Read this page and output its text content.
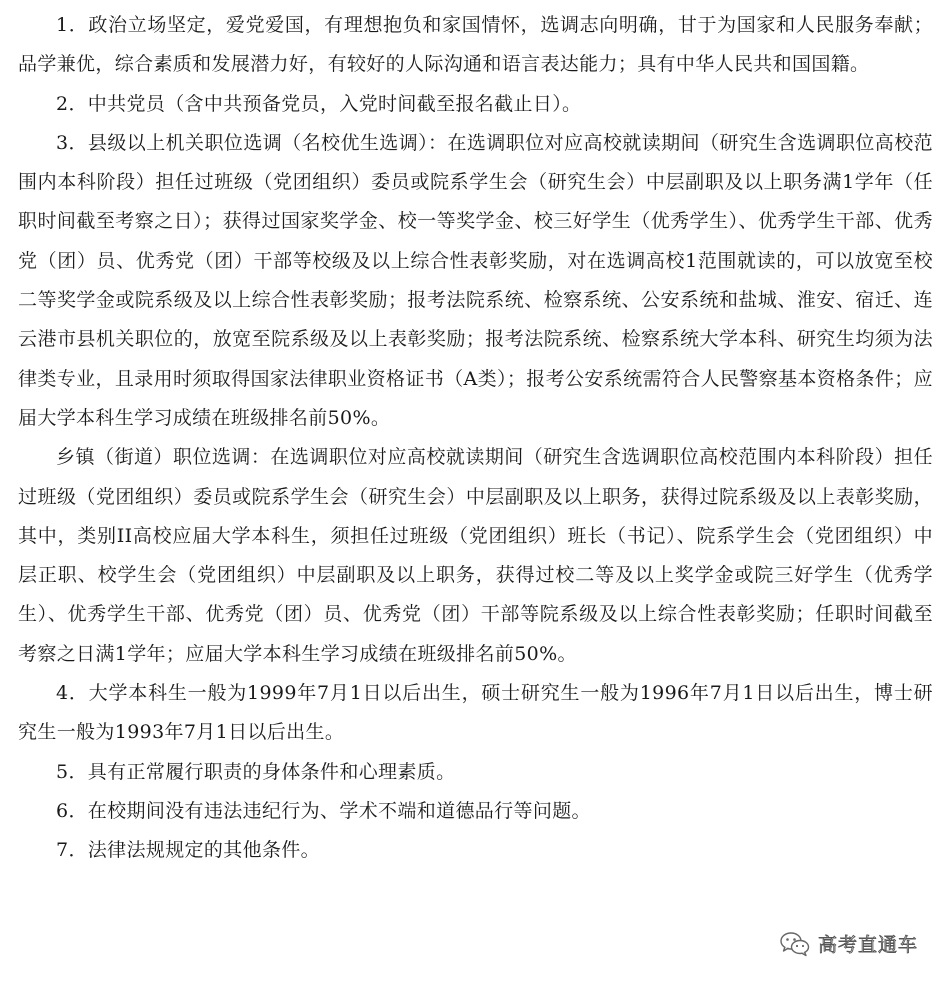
1．政治立场坚定，爱党爱国，有理想抱负和家国情怀，选调志向明确，甘于为国家和人民服务奉献；品学兼优，综合素质和发展潜力好，有较好的人际沟通和语言表达能力；具有中华人民共和国国籍。

2．中共党员（含中共预备党员，入党时间截至报名截止日）。

3．县级以上机关职位选调（名校优生选调）：在选调职位对应高校就读期间（研究生含选调职位高校范围内本科阶段）担任过班级（党团组织）委员或院系学生会（研究生会）中层副职及以上职务满1学年（任职时间截至考察之日）；获得过国家奖学金、校一等奖学金、校三好学生（优秀学生）、优秀学生干部、优秀党（团）员、优秀党（团）干部等校级及以上综合性表彰奖励，对在选调高校1范围就读的，可以放宽至校二等奖学金或院系级及以上综合性表彰奖励；报考法院系统、检察系统、公安系统和盐城、淮安、宿迁、连云港市县机关职位的，放宽至院系级及以上表彰奖励；报考法院系统、检察系统大学本科、研究生均须为法律类专业，且录用时须取得国家法律职业资格证书（A类）；报考公安系统需符合人民警察基本资格条件；应届大学本科生学习成绩在班级排名前50%。

乡镇（街道）职位选调：在选调职位对应高校就读期间（研究生含选调职位高校范围内本科阶段）担任过班级（党团组织）委员或院系学生会（研究生会）中层副职及以上职务，获得过院系级及以上表彰奖励，其中，类别II高校应届大学本科生，须担任过班级（党团组织）班长（书记）、院系学生会（党团组织）中层正职、校学生会（党团组织）中层副职及以上职务，获得过校二等及以上奖学金或院三好学生（优秀学生）、优秀学生干部、优秀党（团）员、优秀党（团）干部等院系级及以上综合性表彰奖励；任职时间截至考察之日满1学年；应届大学本科生学习成绩在班级排名前50%。

4．大学本科生一般为1999年7月1日以后出生，硕士研究生一般为1996年7月1日以后出生，博士研究生一般为1993年7月1日以后出生。

5．具有正常履行职责的身体条件和心理素质。

6．在校期间没有违法违纪行为、学术不端和道德品行等问题。

7．法律法规规定的其他条件。

高考直通车
